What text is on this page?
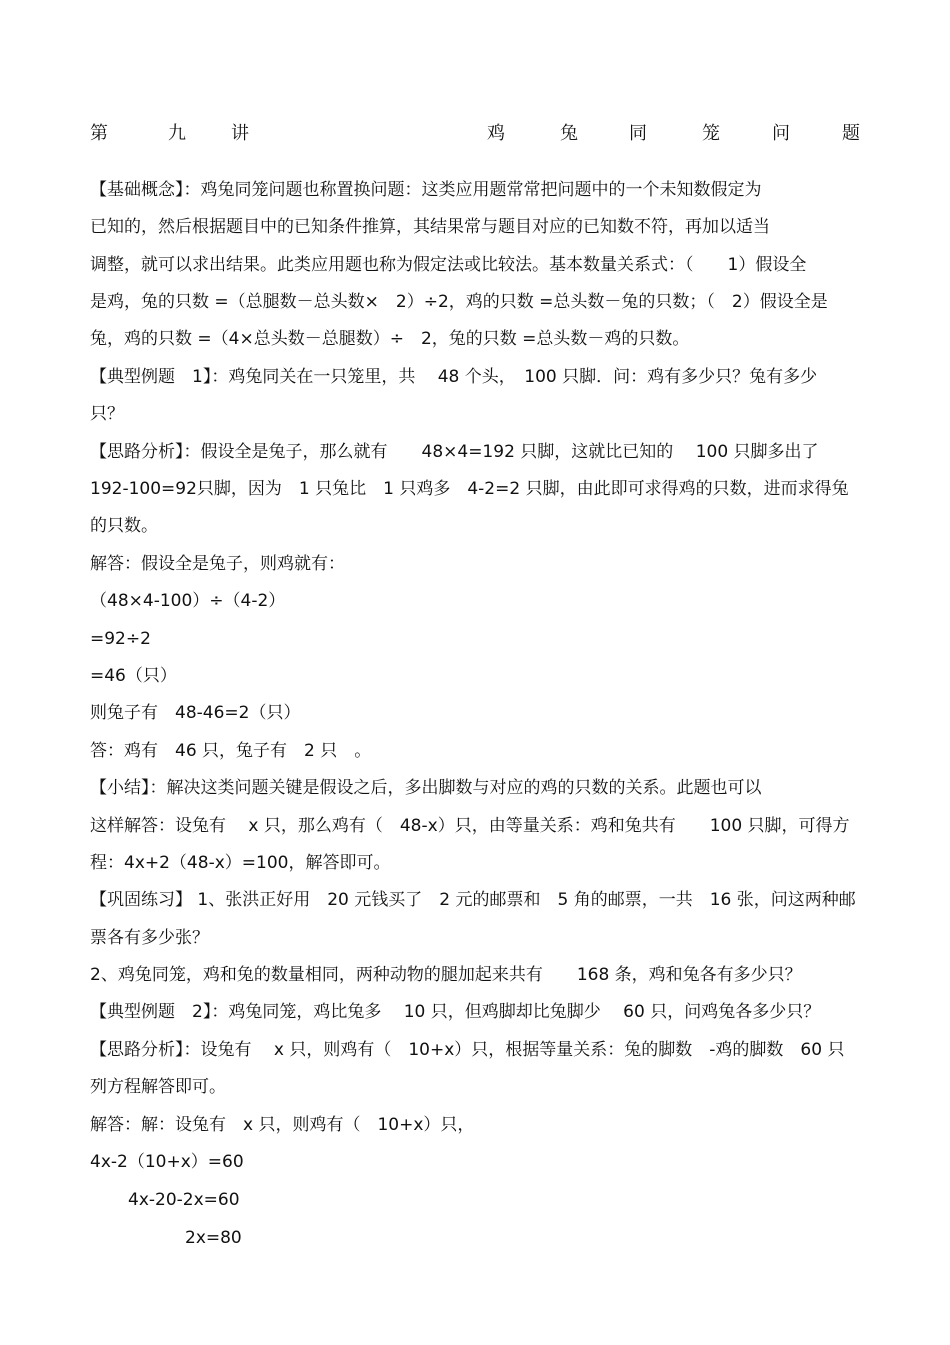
第	九	讲	鸡	兔	同	笼	问	题
【基础概念】：鸡兔同笼问题也称置换问题：这类应用题常常把问题中的一个未知数假定为
已知的，然后根据题目中的已知条件推算，其结果常与题目对应的已知数不符，再加以适当
调整，就可以求出结果。此类应用题也称为假定法或比较法。基本数量关系式：（　　1）假设全
是鸡，兔的只数 =（总腿数－总头数×　2）÷2，鸡的只数 =总头数－兔的只数；（　2）假设全是
兔，鸡的只数 =（4×总头数－总腿数）÷　2，兔的只数 =总头数－鸡的只数。
【典型例题　1】：鸡兔同关在一只笼里，共　 48 个头，　100 只脚．问：鸡有多少只？兔有多少
只？
【思路分析】：假设全是兔子，那么就有　　48×4=192 只脚，这就比已知的　 100 只脚多出了
192-100=92只脚，因为　1 只兔比　1 只鸡多　4-2=2 只脚，由此即可求得鸡的只数，进而求得兔
的只数。
解答：假设全是兔子，则鸡就有：
（48×4-100）÷（4-2）
=92÷2
=46（只）
则兔子有　48-46=2（只）
答：鸡有　46 只，兔子有　2 只　。
【小结】：解决这类问题关键是假设之后，多出脚数与对应的鸡的只数的关系。此题也可以
这样解答：设兔有　 x 只，那么鸡有（　48-x）只，由等量关系：鸡和兔共有　　100 只脚，可得方
程：4x+2（48-x）=100，解答即可。
【巩固练习】 1、张洪正好用　20 元钱买了　2 元的邮票和　5 角的邮票，一共　16 张，问这两种邮
票各有多少张？
2、鸡兔同笼，鸡和兔的数量相同，两种动物的腿加起来共有　　168 条，鸡和兔各有多少只？
【典型例题　2】：鸡兔同笼，鸡比兔多　 10 只，但鸡脚却比兔脚少　 60 只，问鸡兔各多少只？
【思路分析】：设兔有　 x 只，则鸡有（　10+x）只，根据等量关系：兔的脚数　-鸡的脚数　60 只
列方程解答即可。
解答：解：设兔有　x 只，则鸡有（　10+x）只，
4x-2（10+x）=60
4x-20-2x=60
2x=80
